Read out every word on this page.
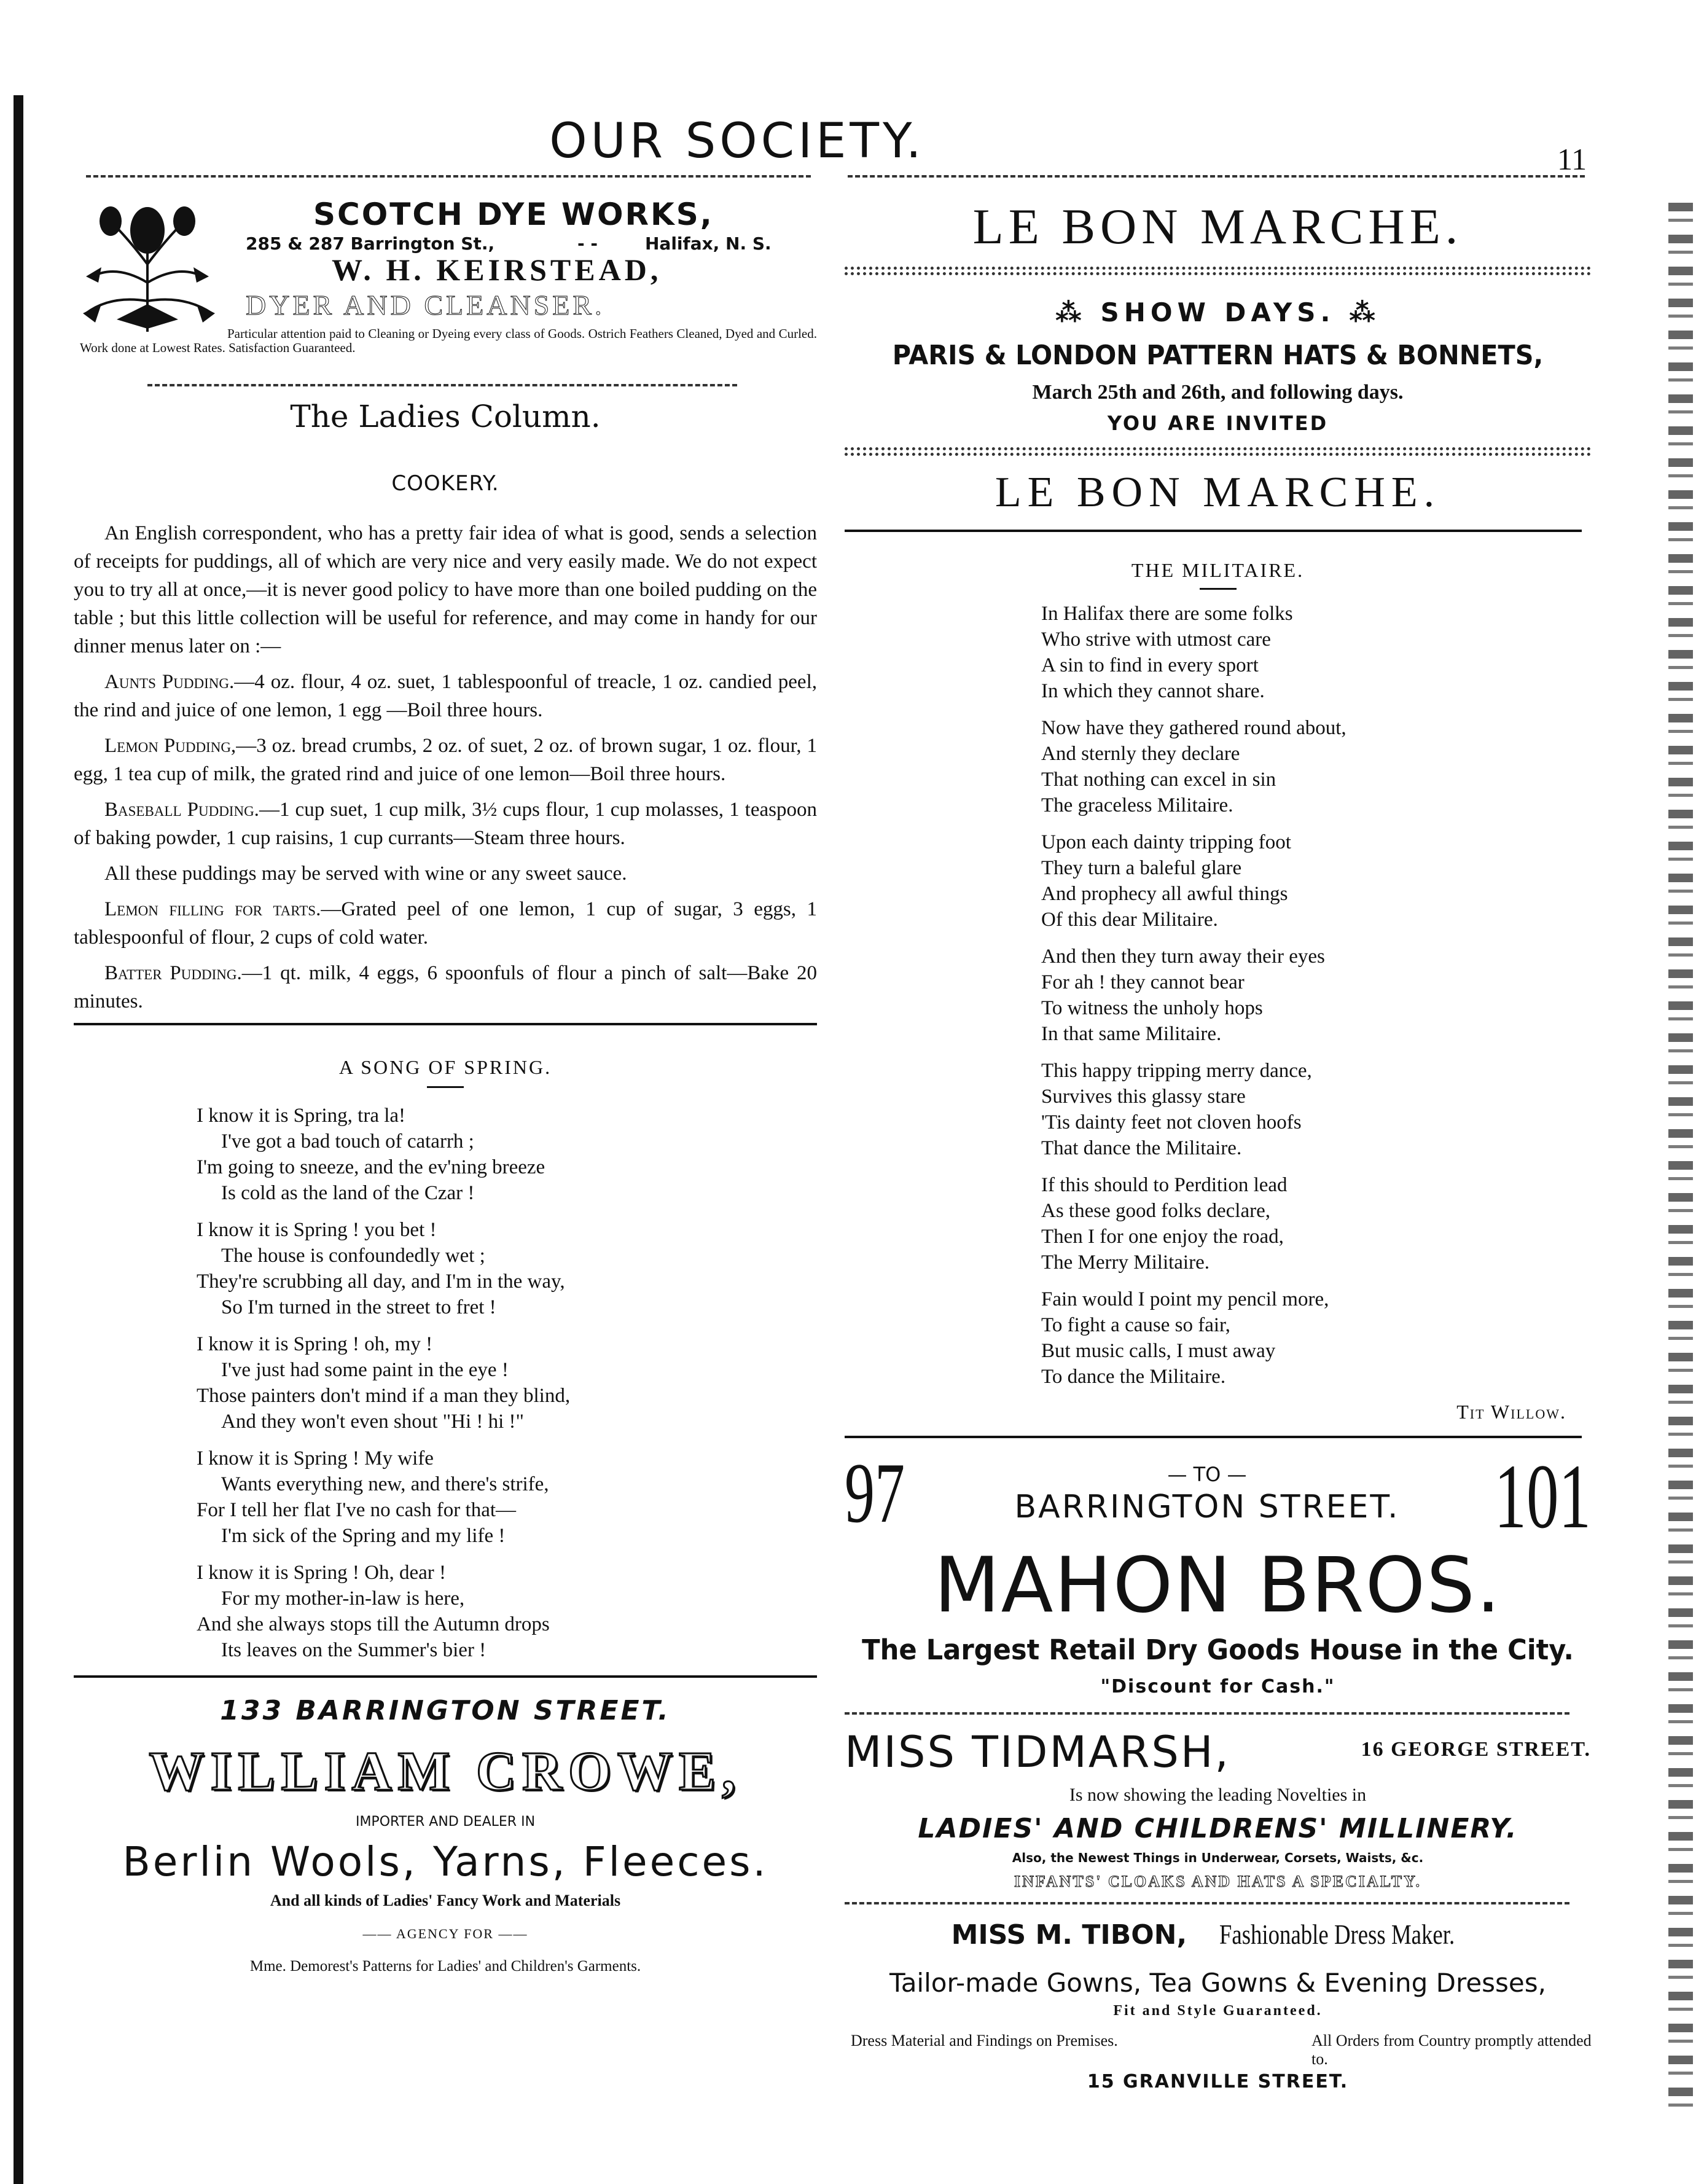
OUR SOCIETY.	11
SCOTCH DYE WORKS,
285 & 287 Barrington St.,	- -	Halifax, N. S.
W. H. KEIRSTEAD,
DYER AND CLEANSER.
Particular attention paid to Cleaning or Dyeing every class of Goods. Ostrich Feathers Cleaned, Dyed and Curled. Work done at Lowest Rates. Satisfaction Guaranteed.
The Ladies Column.
COOKERY.

An English correspondent, who has a pretty fair idea of what is good, sends a selection of receipts for puddings, all of which are very nice and very easily made. We do not expect you to try all at once,—it is never good policy to have more than one boiled pudding on the table ; but this little collection will be useful for reference, and may come in handy for our dinner menus later on :—

Aunts Pudding.—4 oz. flour, 4 oz. suet, 1 tablespoonful of treacle, 1 oz. candied peel, the rind and juice of one lemon, 1 egg —Boil three hours.

Lemon Pudding,—3 oz. bread crumbs, 2 oz. of suet, 2 oz. of brown sugar, 1 oz. flour, 1 egg, 1 tea cup of milk, the grated rind and juice of one lemon—Boil three hours.

Baseball Pudding.—1 cup suet, 1 cup milk, 3½ cups flour, 1 cup molasses, 1 teaspoon of baking powder, 1 cup raisins, 1 cup currants—Steam three hours.

All these puddings may be served with wine or any sweet sauce.

Lemon filling for tarts.—Grated peel of one lemon, 1 cup of sugar, 3 eggs, 1 tablespoonful of flour, 2 cups of cold water.

Batter Pudding.—1 qt. milk, 4 eggs, 6 spoonfuls of flour a pinch of salt—Bake 20 minutes.

A SONG OF SPRING.
I know it is Spring, tra la!
I've got a bad touch of catarrh ;
I'm going to sneeze, and the ev'ning breeze
Is cold as the land of the Czar !
I know it is Spring ! you bet !
The house is confoundedly wet ;
They're scrubbing all day, and I'm in the way,
So I'm turned in the street to fret !
I know it is Spring ! oh, my !
I've just had some paint in the eye !
Those painters don't mind if a man they blind,
And they won't even shout "Hi ! hi !"
I know it is Spring ! My wife
Wants everything new, and there's strife,
For I tell her flat I've no cash for that—
I'm sick of the Spring and my life !
I know it is Spring ! Oh, dear !
For my mother-in-law is here,
And she always stops till the Autumn drops
Its leaves on the Summer's bier !
133 BARRINGTON STREET.
WILLIAM CROWE,
IMPORTER AND DEALER IN
Berlin Wools, Yarns, Fleeces.
And all kinds of Ladies' Fancy Work and Materials
—— AGENCY FOR ——
Mme. Demorest's Patterns for Ladies' and Children's Garments.
LE BON MARCHE.
⁂ SHOW DAYS. ⁂
PARIS & LONDON PATTERN HATS & BONNETS,
March 25th and 26th, and following days.
YOU ARE INVITED
LE BON MARCHE.
THE MILITAIRE.
In Halifax there are some folks
Who strive with utmost care
A sin to find in every sport
In which they cannot share.
Now have they gathered round about,
And sternly they declare
That nothing can excel in sin
The graceless Militaire.
Upon each dainty tripping foot
They turn a baleful glare
And prophecy all awful things
Of this dear Militaire.
And then they turn away their eyes
For ah ! they cannot bear
To witness the unholy hops
In that same Militaire.
This happy tripping merry dance,
Survives this glassy stare
'Tis dainty feet not cloven hoofs
That dance the Militaire.
If this should to Perdition lead
As these good folks declare,
Then I for one enjoy the road,
The Merry Militaire.
Fain would I point my pencil more,
To fight a cause so fair,
But music calls, I must away
To dance the Militaire.
Tit Willow.
97	— TO —
BARRINGTON STREET.	101
MAHON BROS.
The Largest Retail Dry Goods House in the City.
"Discount for Cash."
MISS TIDMARSH,	16 GEORGE STREET.
Is now showing the leading Novelties in
LADIES' AND CHILDRENS' MILLINERY.
Also, the Newest Things in Underwear, Corsets, Waists, &c.
INFANTS' CLOAKS AND HATS A SPECIALTY.
MISS M. TIBON, Fashionable Dress Maker.
Tailor-made Gowns, Tea Gowns & Evening Dresses,
Fit and Style Guaranteed.
Dress Material and Findings on Premises.	All Orders from Country promptly attended to.
15 GRANVILLE STREET.
